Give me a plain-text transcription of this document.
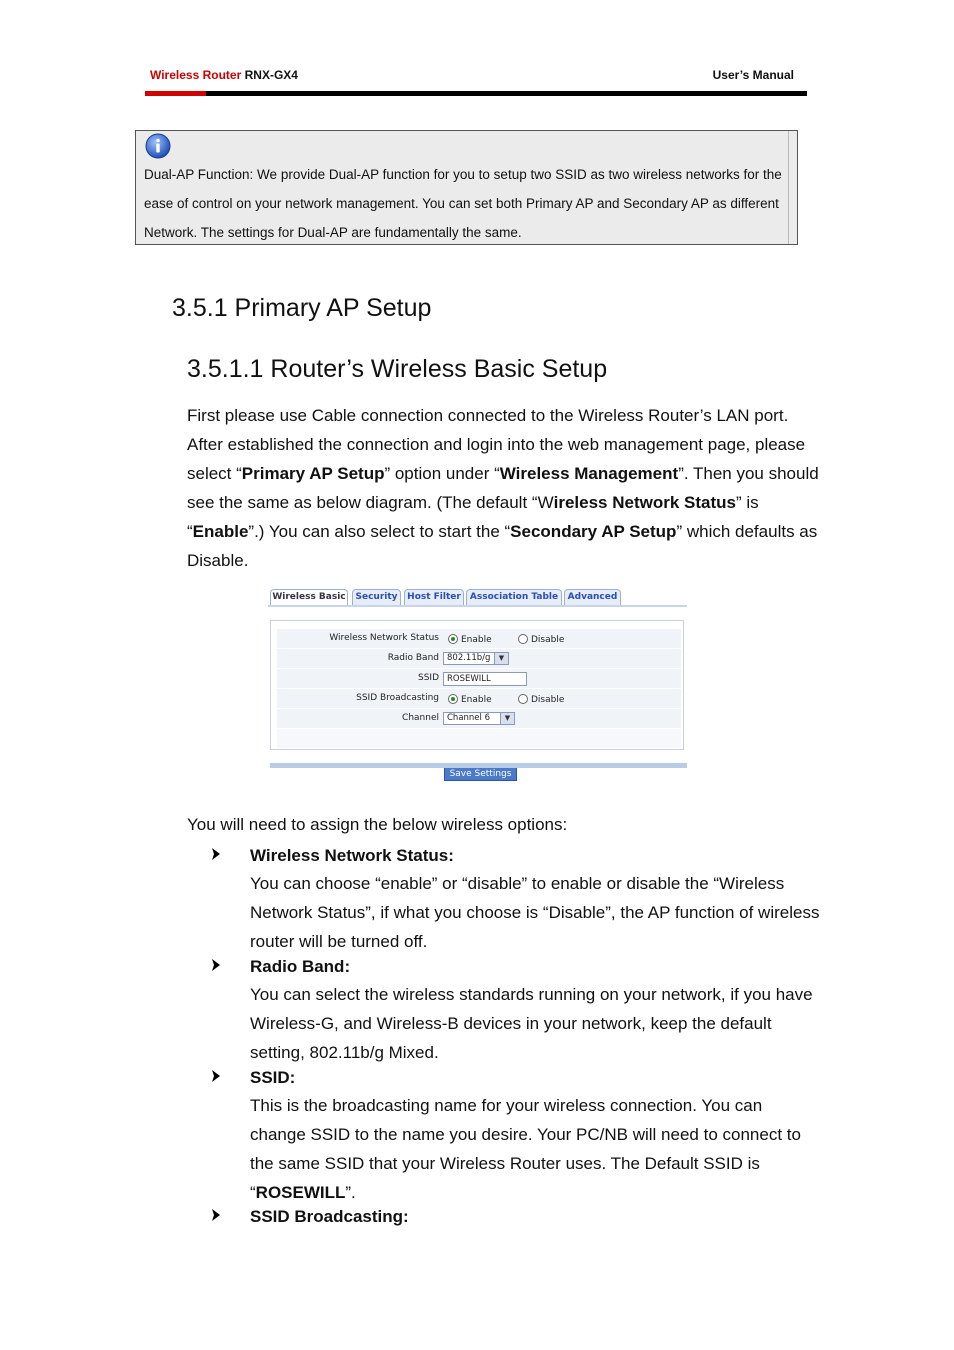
Wireless Router RNX-GX4	User’s Manual
Dual-AP Function: We provide Dual-AP function for you to setup two SSID as two wireless networks for the ease of control on your network management. You can set both Primary AP and Secondary AP as different Network. The settings for Dual-AP are fundamentally the same.
3.5.1 Primary AP Setup
3.5.1.1 Router’s Wireless Basic Setup

First please use Cable connection connected to the Wireless Router’s LAN port. After established the connection and login into the web management page, please select “Primary AP Setup” option under “Wireless Management”. Then you should see the same as below diagram. (The default “Wireless Network Status” is “Enable”.) You can also select to start the “Secondary AP Setup” which defaults as Disable.

Wireless Basic	Security	Host Filter	Association Table	Advanced
Wireless Network Status Enable	Disable
Radio Band 802.11b/g	▼
SSID ROSEWILL
SSID Broadcasting Enable	Disable
Channel Channel 6	▼
Save Settings
You will need to assign the below wireless options:
Wireless Network Status:
You can choose “enable” or “disable” to enable or disable the “Wireless Network Status”, if what you choose is “Disable”, the AP function of wireless router will be turned off.
Radio Band:
You can select the wireless standards running on your network, if you have Wireless-G, and Wireless-B devices in your network, keep the default setting, 802.11b/g Mixed.
SSID:
This is the broadcasting name for your wireless connection. You can change SSID to the name you desire. Your PC/NB will need to connect to the same SSID that your Wireless Router uses. The Default SSID is “ROSEWILL”.
SSID Broadcasting:
